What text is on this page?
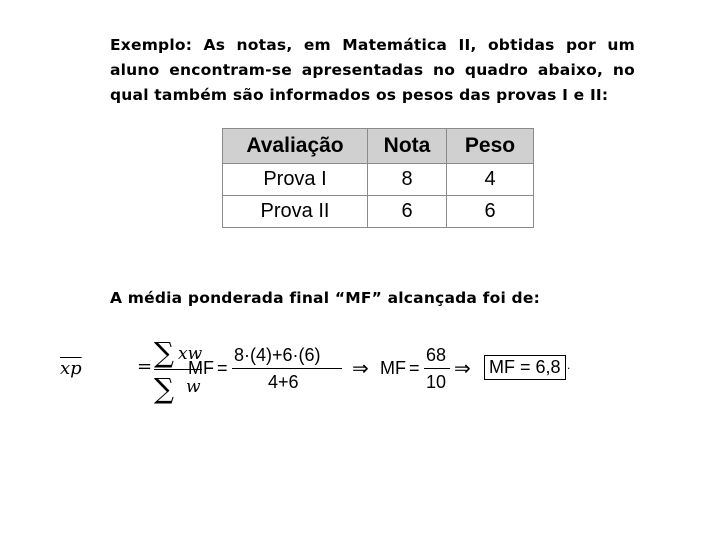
Exemplo: As notas, em Matemática II, obtidas por um aluno encontram-se apresentadas no quadro abaixo, no qual também são informados os pesos das provas I e II:

Avaliação	Nota	Peso
Prova I	8	4
Prova II	6	6

A média ponderada final “MF” alcançada foi de:

$\overline{xp}$	= ∑ xw
∑ w
MF =
8·(4)+6·(6)
4+6
⇒ MF =
68
10
⇒ MF = 6,8 .
